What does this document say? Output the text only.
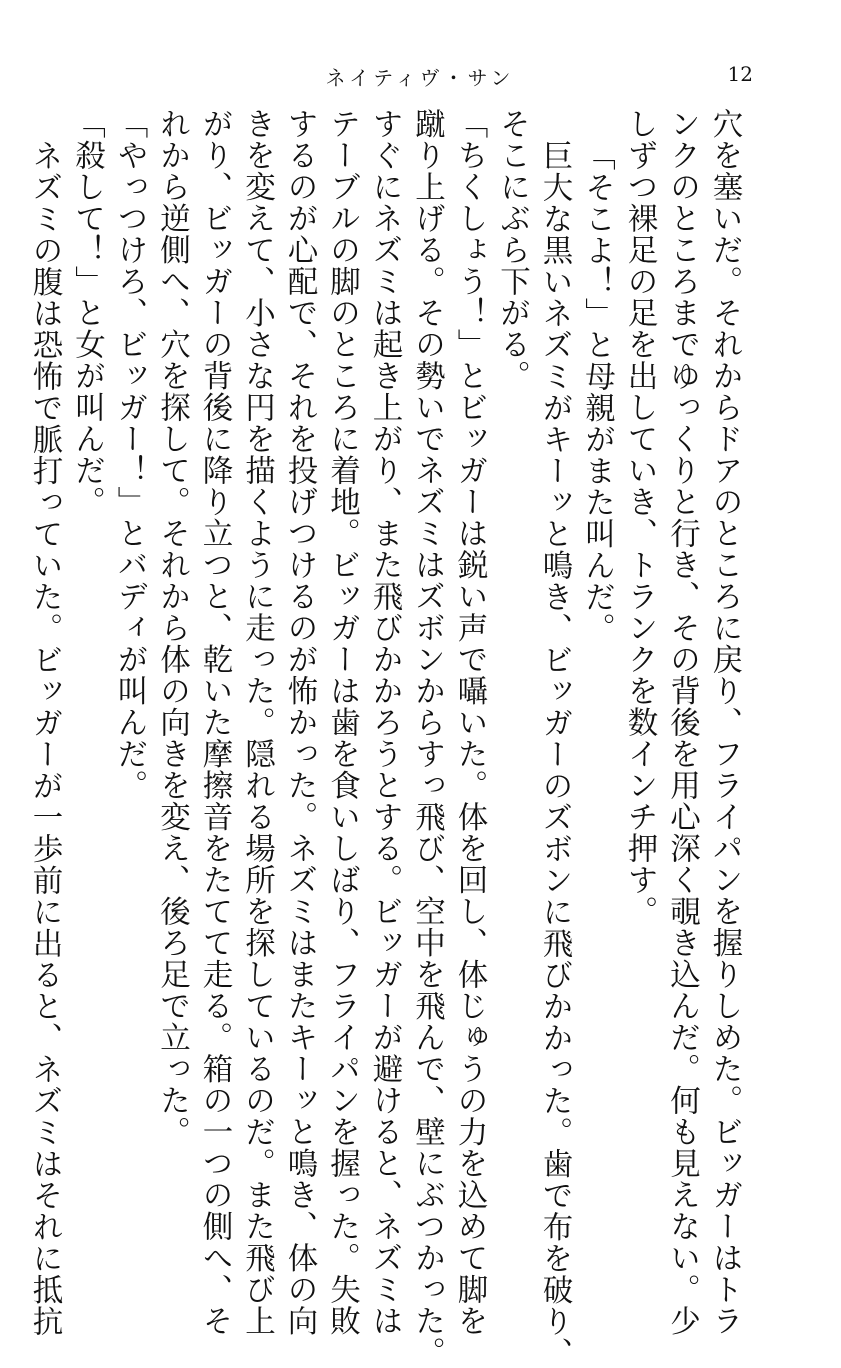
ネイティヴ・サン	12
穴を塞いだ。それからドアのところに戻り、フライパンを握りしめた。ビッガーはトラ
ンクのところまでゆっくりと行き、その背後を用心深く覗き込んだ。何も見えない。少
しずつ裸足の足を出していき、トランクを数インチ押す。
「そこよ！」と母親がまた叫んだ。
巨大な黒いネズミがキーッと鳴き、ビッガーのズボンに飛びかかった。歯で布を破り、
そこにぶら下がる。
「ちくしょう！」とビッガーは鋭い声で囁いた。体を回し、体じゅうの力を込めて脚を
蹴り上げる。その勢いでネズミはズボンからすっ飛び、空中を飛んで、壁にぶつかった。
すぐにネズミは起き上がり、また飛びかかろうとする。ビッガーが避けると、ネズミは
テーブルの脚のところに着地。ビッガーは歯を食いしばり、フライパンを握った。失敗
するのが心配で、それを投げつけるのが怖かった。ネズミはまたキーッと鳴き、体の向
きを変えて、小さな円を描くように走った。隠れる場所を探しているのだ。また飛び上
がり、ビッガーの背後に降り立つと、乾いた摩擦音をたてて走る。箱の一つの側へ、そ
れから逆側へ、穴を探して。それから体の向きを変え、後ろ足で立った。
「やっつけろ、ビッガー！」とバディが叫んだ。
「殺して！」と女が叫んだ。
ネズミの腹は恐怖で脈打っていた。ビッガーが一歩前に出ると、ネズミはそれに抵抗
